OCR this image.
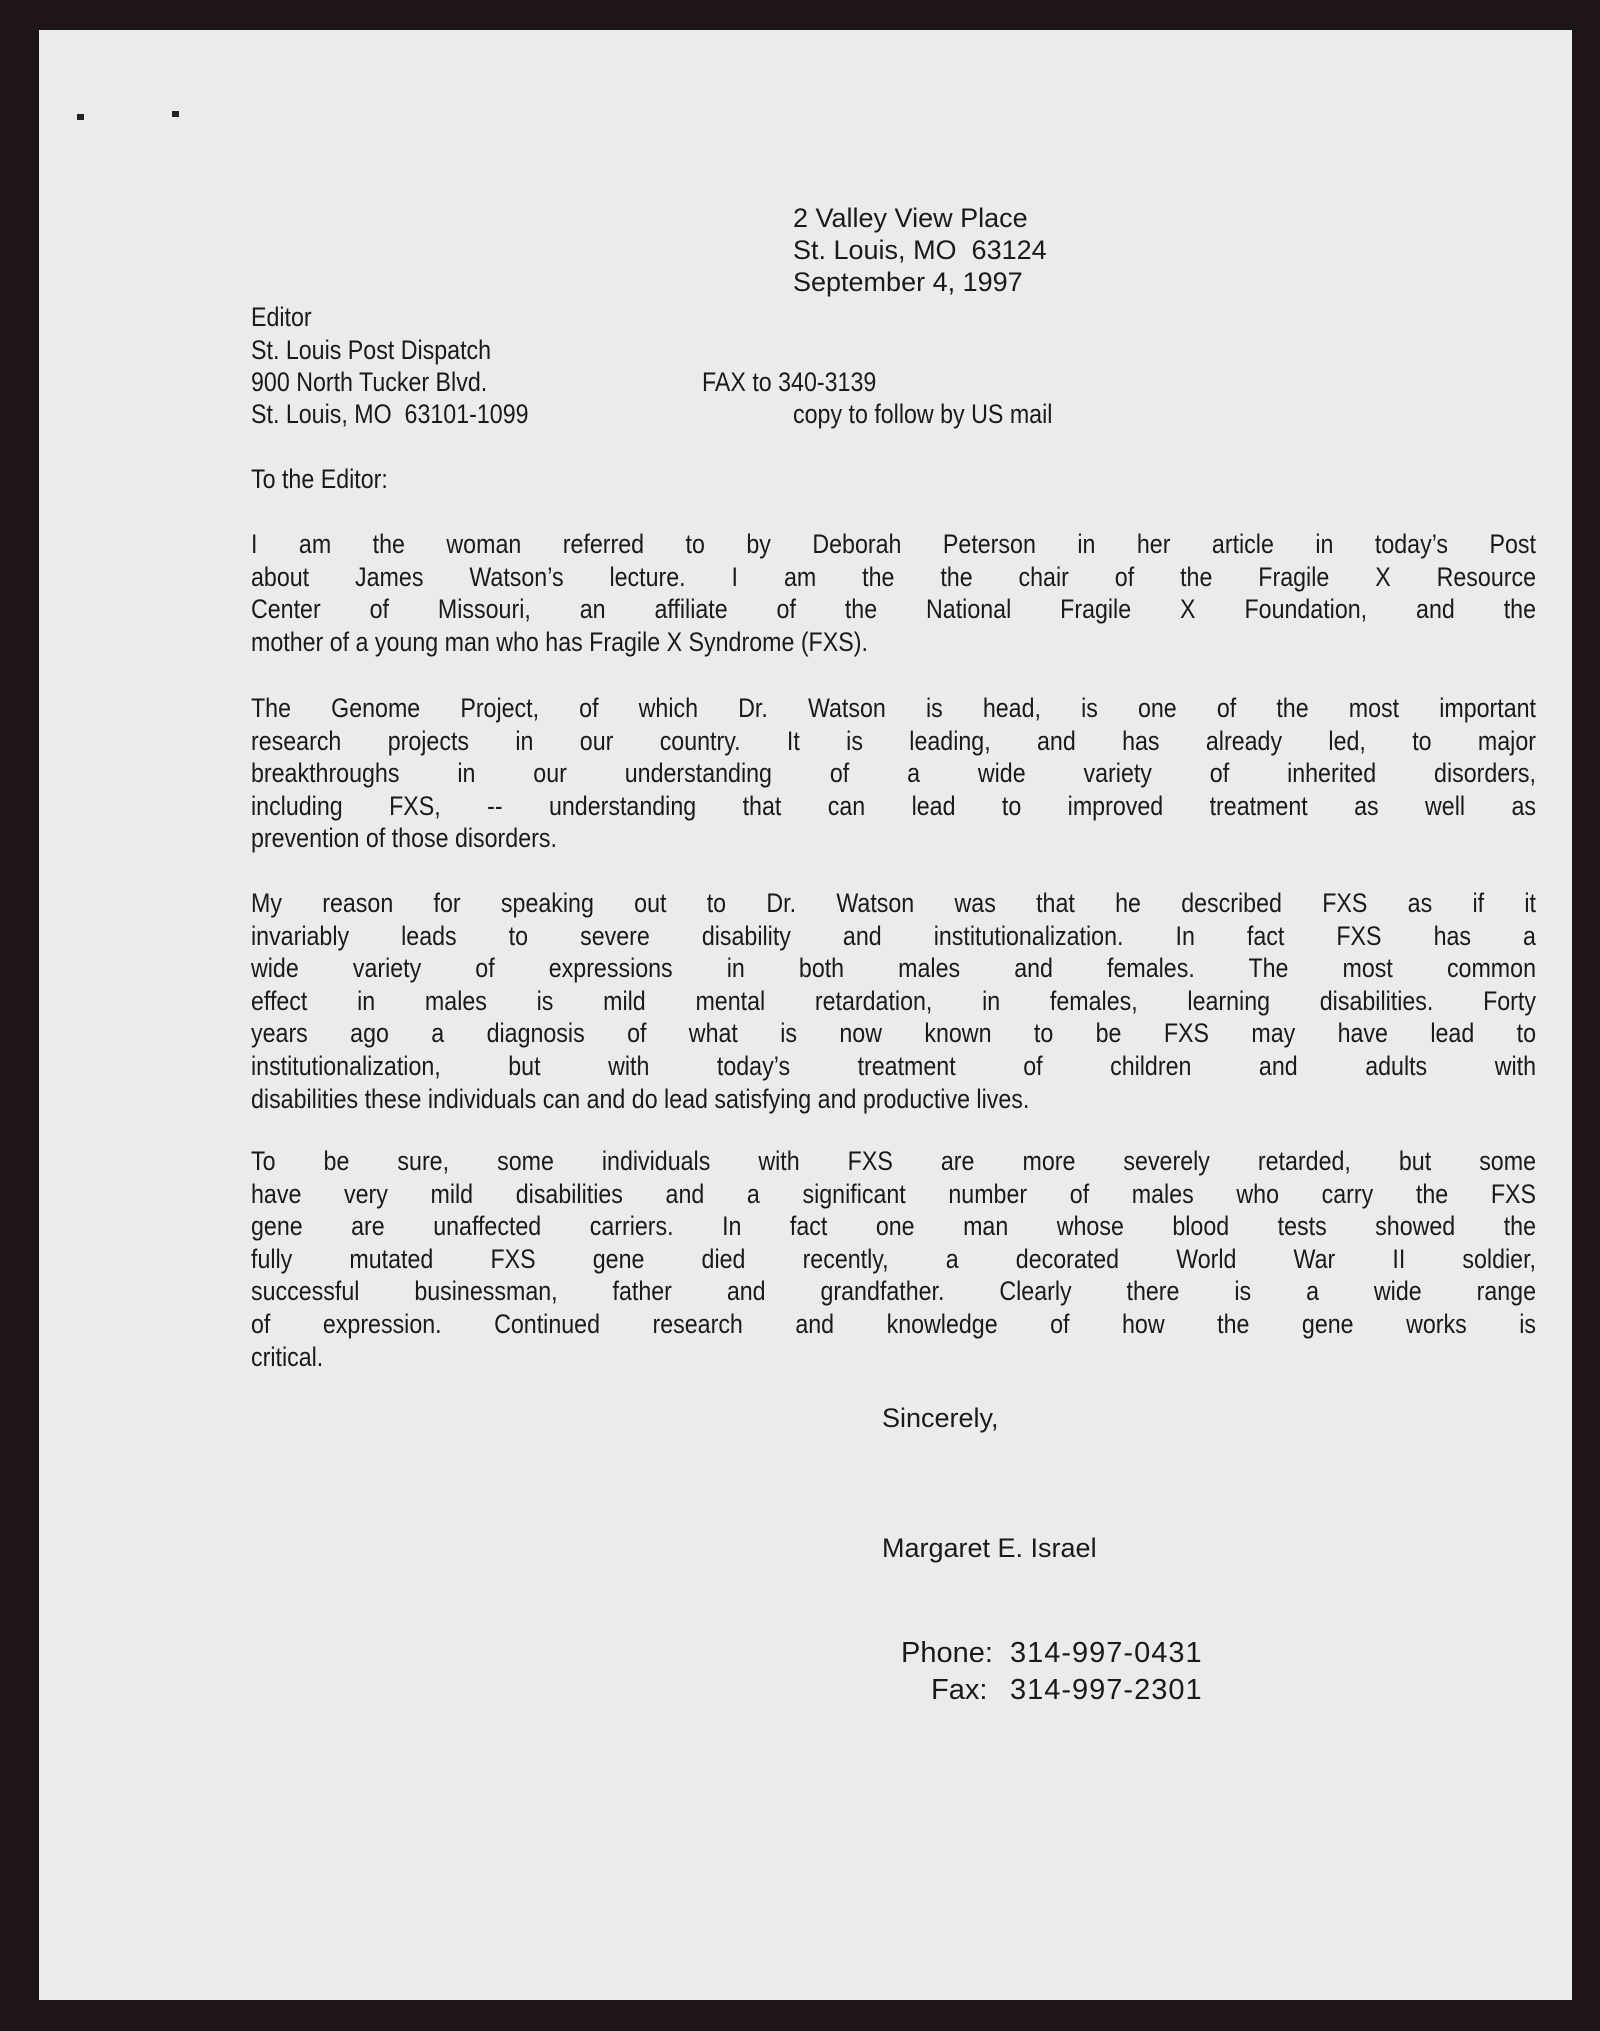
2 Valley View Place
St. Louis, MO  63124
September 4, 1997
Editor
St. Louis Post Dispatch
900 North Tucker Blvd.
St. Louis, MO  63101-1099
FAX to 340-3139
copy to follow by US mail
To the Editor:
I am the woman referred to by Deborah Peterson in her article in today’s Post
about James Watson’s lecture. I am the the chair of the Fragile X Resource
Center of Missouri, an affiliate of the National Fragile X Foundation, and the
mother of a young man who has Fragile X Syndrome (FXS).
The Genome Project, of which Dr. Watson is head, is one of the most important
research projects in our country. It is leading, and has already led, to major
breakthroughs in our understanding of a wide variety of inherited disorders,
including FXS, -- understanding that can lead to improved treatment as well as
prevention of those disorders.
My reason for speaking out to Dr. Watson was that he described FXS as if it
invariably leads to severe disability and institutionalization. In fact FXS has a
wide variety of expressions in both males and females. The most common
effect in males is mild mental retardation, in females, learning disabilities. Forty
years ago a diagnosis of what is now known to be FXS may have lead to
institutionalization, but with today’s treatment of children and adults with
disabilities these individuals can and do lead satisfying and productive lives.
To be sure, some individuals with FXS are more severely retarded, but some
have very mild disabilities and a significant number of males who carry the FXS
gene are unaffected carriers. In fact one man whose blood tests showed the
fully mutated FXS gene died recently, a decorated World War II soldier,
successful businessman, father and grandfather. Clearly there is a wide range
of expression. Continued research and knowledge of how the gene works is
critical.
Sincerely,
Margaret E. Israel
Phone: 314-997-0431
Fax: 314-997-2301
